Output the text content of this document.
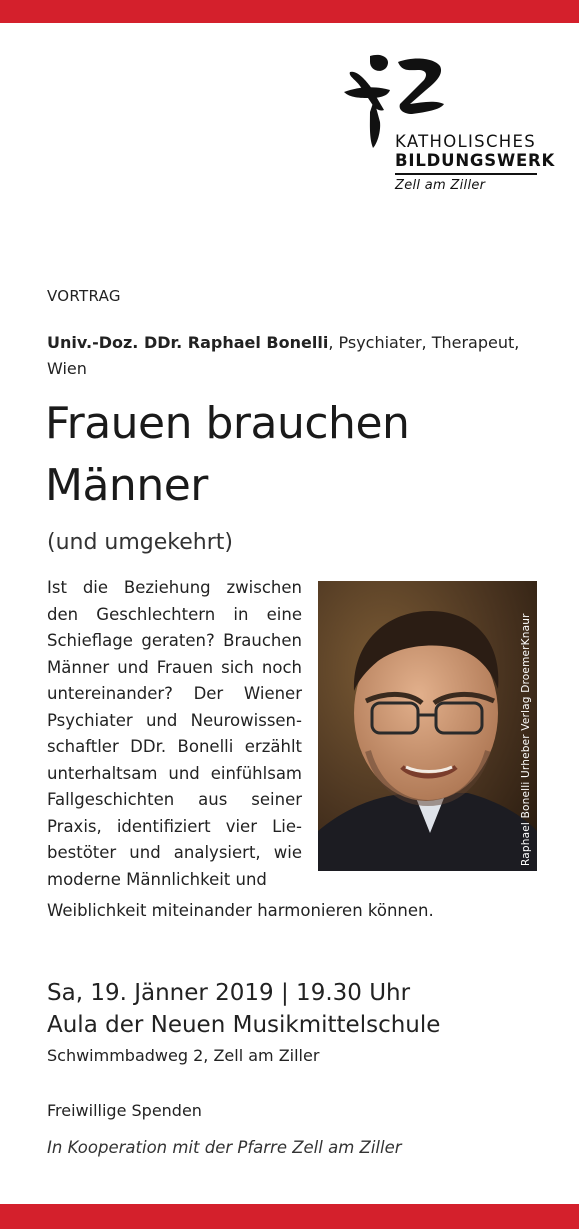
KATHOLISCHES
BILDUNGSWERK
Zell am Ziller
VORTRAG
Univ.-Doz. DDr. Raphael Bonelli, Psychiater, Therapeut, Wien
Frauen brauchen Männer
(und umgekehrt)
Ist die Beziehung zwischen den Geschlechtern in eine Schieflage geraten? Brauchen Männer und Frauen sich noch untereinander? Der Wiener Psychiater und Neurowissenschaftler DDr. Bonelli erzählt unterhaltsam und einfühlsam Fallgeschichten aus seiner Praxis, identifiziert vier Liebestöter und analysiert, wie moderne Männlichkeit und
Weiblichkeit miteinander harmonieren können.
Raphael Bonelli Urheber Verlag DroemerKnaur
Sa, 19. Jänner 2019 | 19.30 Uhr
Aula der Neuen Musikmittelschule
Schwimmbadweg 2, Zell am Ziller
Freiwillige Spenden
In Kooperation mit der Pfarre Zell am Ziller
